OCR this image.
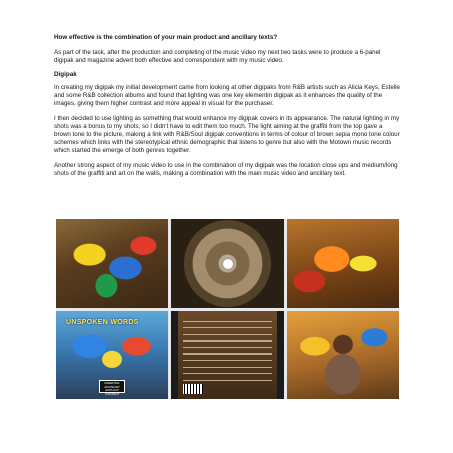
How effective is the combination of your main product and ancillary texts?

As part of the task, after the production and completing of the music video my next two tasks were to produce a 6-panel digipak and magazine advert both effective and correspondent with my music video.

Digipak

In creating my digipak my initial development came from looking at other digipaks from R&B artists such as Alicia Keys, Estelle and some R&B collection albums and found that lighting was one key elementin digipak as it enhances the quality of the images, giving them higher contrast and more appeal in visual for the purchaser.

I then decided to use lighting as something that would enhance my digipak covers in its appearance. The natural lighting in my shots was a bonus to my shots, so I didn't have to edit them too much. The light aiming at the graffiti from the top gave a brown tone to the picture, making a link with R&B/Soul digipak conventions in terms of colour of brown sepia mono tone colour schemes which links with the stereotypical ethnic demographic that listens to genre but also with the Motown music records which started the emerge of both genres together.

Another strong aspect of my music video to use in the combination of my digipak was the location close ups and medium/long shots of the graffiti and art on the walls, making a combination with the main music video and ancillary text.

UNSPOKEN WORDS
PARENTAL ADVISORY EXPLICIT CONTENT
